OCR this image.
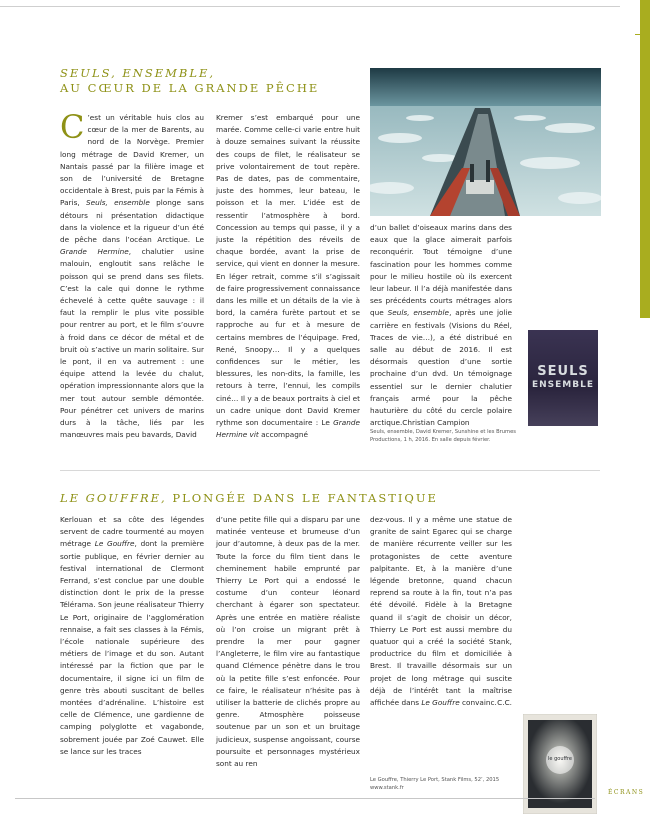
SEULS, ENSEMBLE,
AU CŒUR DE LA GRANDE PÊCHE

C ’est un véritable huis clos au cœur de la mer de Barents, au nord de la Norvège. Premier long métrage de David Kremer, un Nantais passé par la filière image et son de l’université de Bretagne occidentale à Brest, puis par la Fémis à Paris, Seuls, ensemble plonge sans détours ni présentation didactique dans la violence et la rigueur d’un été de pêche dans l’océan Arctique. Le Grande Hermine, chalutier usine malouin, engloutit sans relâche le poisson qui se prend dans ses filets. C’est la cale qui donne le rythme échevelé à cette quête sauvage : il faut la remplir le plus vite possible pour rentrer au port, et le film s’ouvre à froid dans ce décor de métal et de bruit où s’active un marin solitaire. Sur le pont, il en va autrement : une équipe attend la levée du chalut, opération impressionnante alors que la mer tout autour semble démontée. Pour pénétrer cet univers de marins durs à la tâche, liés par les manœuvres mais peu bavards, David

Kremer s’est embarqué pour une marée. Comme celle-ci varie entre huit à douze semaines suivant la réussite des coups de filet, le réalisateur se prive volontairement de tout repère. Pas de dates, pas de commentaire, juste des hommes, leur bateau, le poisson et la mer. L’idée est de ressentir l’atmosphère à bord. Concession au temps qui passe, il y a juste la répétition des réveils de chaque bordée, avant la prise de service, qui vient en donner la mesure. En léger retrait, comme s’il s’agissait de faire progressivement connaissance dans les mille et un détails de la vie à bord, la caméra furète partout et se rapproche au fur et à mesure de certains membres de l’équipage. Fred, René, Snoopy… Il y a quelques confidences sur le métier, les blessures, les non-dits, la famille, les retours à terre, l’ennui, les compils ciné… Il y a de beaux portraits à ciel et un cadre unique dont David Kremer rythme son documentaire : Le Grande Hermine vit accompagné

d’un ballet d’oiseaux marins dans des eaux que la glace aimerait parfois reconquérir. Tout témoigne d’une fascination pour les hommes comme pour le milieu hostile où ils exercent leur labeur. Il l’a déjà manifestée dans ses précédents courts métrages alors que Seuls, ensemble, après une jolie carrière en festivals (Visions du Réel, Traces de vie…), a été distribué en salle au début de 2016. Il est désormais question d’une sortie prochaine d’un dvd. Un témoignage essentiel sur le dernier chalutier français armé pour la pêche hauturière du côté du cercle polaire arctique.Christian Campion

SEULS
ENSEMBLE

Seuls, ensemble, David Kremer, Sunshine et les Brumes Productions, 1 h, 2016. En salle depuis février.

LE GOUFFRE, PLONGÉE DANS LE FANTASTIQUE

Kerlouan et sa côte des légendes servent de cadre tourmenté au moyen métrage Le Gouffre, dont la première sortie publique, en février dernier au festival international de Clermont Ferrand, s’est conclue par une double distinction dont le prix de la presse Télérama. Son jeune réalisateur Thierry Le Port, originaire de l’agglomération rennaise, a fait ses classes à la Fémis, l’école nationale supérieure des métiers de l’image et du son. Autant intéressé par la fiction que par le documentaire, il signe ici un film de genre très abouti suscitant de belles montées d’adrénaline. L’histoire est celle de Clémence, une gardienne de camping polyglotte et vagabonde, sobrement jouée par Zoé Cauwet. Elle se lance sur les traces

d’une petite fille qui a disparu par une matinée venteuse et brumeuse d’un jour d’automne, à deux pas de la mer. Toute la force du film tient dans le cheminement habile emprunté par Thierry Le Port qui a endossé le costume d’un conteur léonard cherchant à égarer son spectateur. Après une entrée en matière réaliste où l’on croise un migrant prêt à prendre la mer pour gagner l’Angleterre, le film vire au fantastique quand Clémence pénètre dans le trou où la petite fille s’est enfoncée. Pour ce faire, le réalisateur n’hésite pas à utiliser la batterie de clichés propre au genre. Atmosphère poisseuse soutenue par un son et un bruitage judicieux, suspense angoissant, course poursuite et personnages mystérieux sont au ren

dez-vous. Il y a même une statue de granite de saint Egarec qui se charge de manière récurrente veiller sur les protagonistes de cette aventure palpitante. Et, à la manière d’une légende bretonne, quand chacun reprend sa route à la fin, tout n’a pas été dévoilé. Fidèle à la Bretagne quand il s’agit de choisir un décor, Thierry Le Port est aussi membre du quatuor qui a créé la société Stank, productrice du film et domiciliée à Brest. Il travaille désormais sur un projet de long métrage qui suscite déjà de l’intérêt tant la maîtrise affichée dans Le Gouffre convainc. C.C.

le gouffre

Le Gouffre, Thierry Le Port, Stank Films, 52’, 2015
www.stank.fr

ÉCRANS
